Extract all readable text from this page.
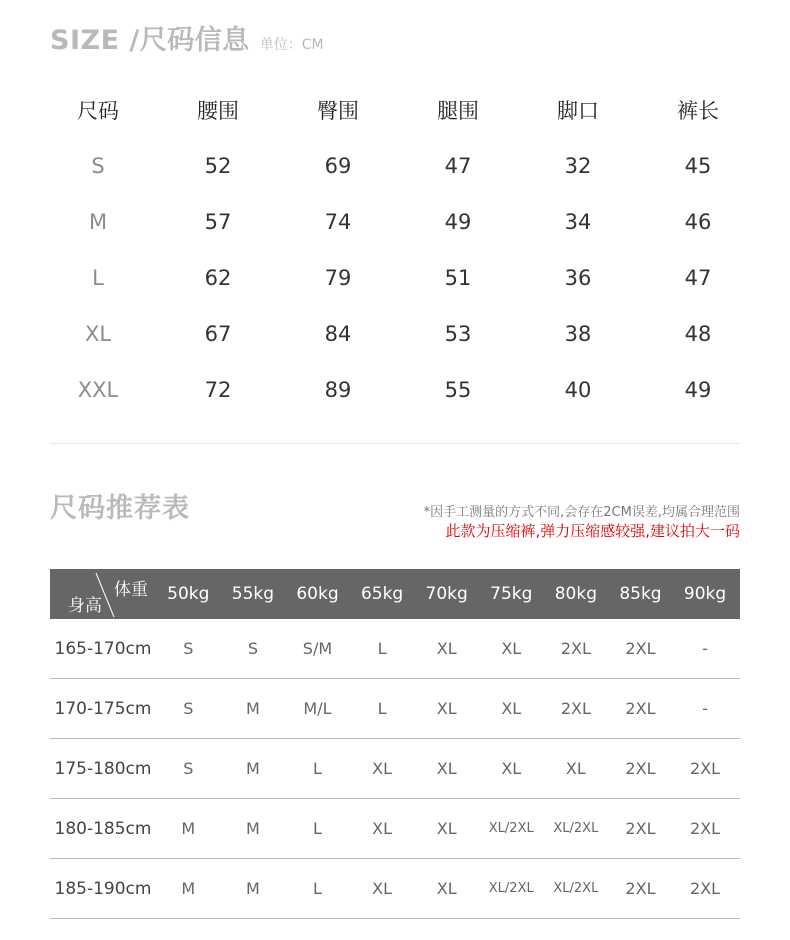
SIZE /尺码信息 单位：CM
尺码	腰围	臀围	腿围	脚口	裤长
S	52	69	47	32	45
M	57	74	49	34	46
L	62	79	51	36	47
XL	67	84	53	38	48
XXL	72	89	55	40	49
尺码推荐表	*因手工测量的方式不同,会存在2CM误差,均属合理范围
此款为压缩裤,弹力压缩感较强,建议拍大一码
体重
身高
50kg	55kg	60kg	65kg	70kg	75kg	80kg	85kg	90kg
165-170cm	S	S	S/M	L	XL	XL	2XL	2XL	-
170-175cm	S	M	M/L	L	XL	XL	2XL	2XL	-
175-180cm	S	M	L	XL	XL	XL	XL	2XL	2XL
180-185cm	M	M	L	XL	XL	XL/2XL	XL/2XL	2XL	2XL
185-190cm	M	M	L	XL	XL	XL/2XL	XL/2XL	2XL	2XL
